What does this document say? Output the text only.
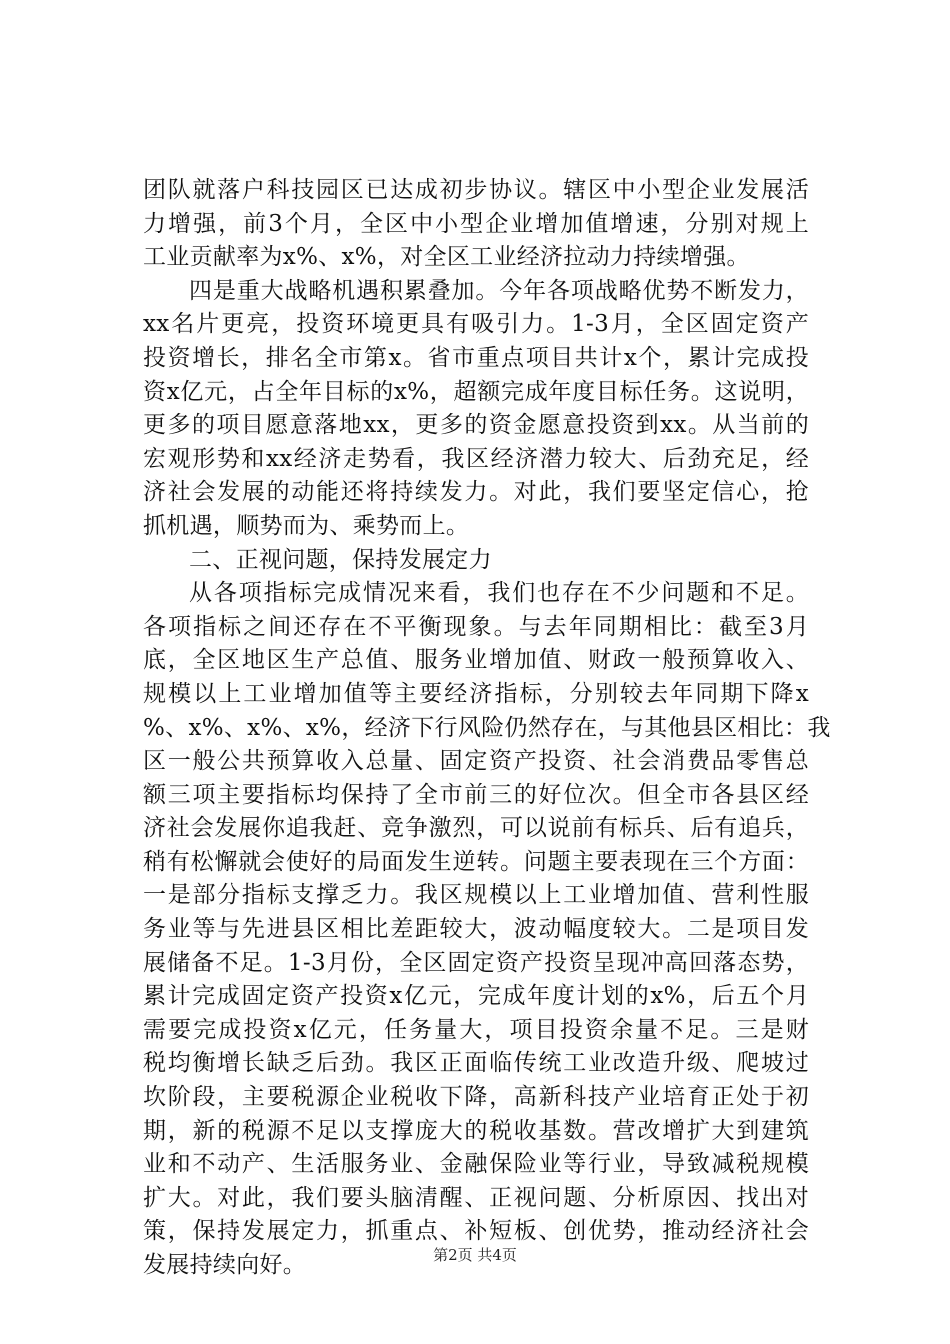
团队就落户科技园区已达成初步协议。辖区中小型企业发展活
力增强，前3个月，全区中小型企业增加值增速，分别对规上
工业贡献率为x%、x%，对全区工业经济拉动力持续增强。
四是重大战略机遇积累叠加。今年各项战略优势不断发力，
xx名片更亮，投资环境更具有吸引力。1-3月，全区固定资产
投资增长，排名全市第x。省市重点项目共计x个，累计完成投
资x亿元，占全年目标的x%，超额完成年度目标任务。这说明，
更多的项目愿意落地xx，更多的资金愿意投资到xx。从当前的
宏观形势和xx经济走势看，我区经济潜力较大、后劲充足，经
济社会发展的动能还将持续发力。对此，我们要坚定信心，抢
抓机遇，顺势而为、乘势而上。
二、正视问题，保持发展定力
从各项指标完成情况来看，我们也存在不少问题和不足。
各项指标之间还存在不平衡现象。与去年同期相比：截至3月
底，全区地区生产总值、服务业增加值、财政一般预算收入、
规模以上工业增加值等主要经济指标，分别较去年同期下降x
%、x%、x%、x%，经济下行风险仍然存在，与其他县区相比：我
区一般公共预算收入总量、固定资产投资、社会消费品零售总
额三项主要指标均保持了全市前三的好位次。但全市各县区经
济社会发展你追我赶、竞争激烈，可以说前有标兵、后有追兵，
稍有松懈就会使好的局面发生逆转。问题主要表现在三个方面：
一是部分指标支撑乏力。我区规模以上工业增加值、营利性服
务业等与先进县区相比差距较大，波动幅度较大。二是项目发
展储备不足。1-3月份，全区固定资产投资呈现冲高回落态势，
累计完成固定资产投资x亿元，完成年度计划的x%，后五个月
需要完成投资x亿元，任务量大，项目投资余量不足。三是财
税均衡增长缺乏后劲。我区正面临传统工业改造升级、爬坡过
坎阶段，主要税源企业税收下降，高新科技产业培育正处于初
期，新的税源不足以支撑庞大的税收基数。营改增扩大到建筑
业和不动产、生活服务业、金融保险业等行业，导致减税规模
扩大。对此，我们要头脑清醒、正视问题、分析原因、找出对
策，保持发展定力，抓重点、补短板、创优势，推动经济社会
发展持续向好。	第2页 共4页
